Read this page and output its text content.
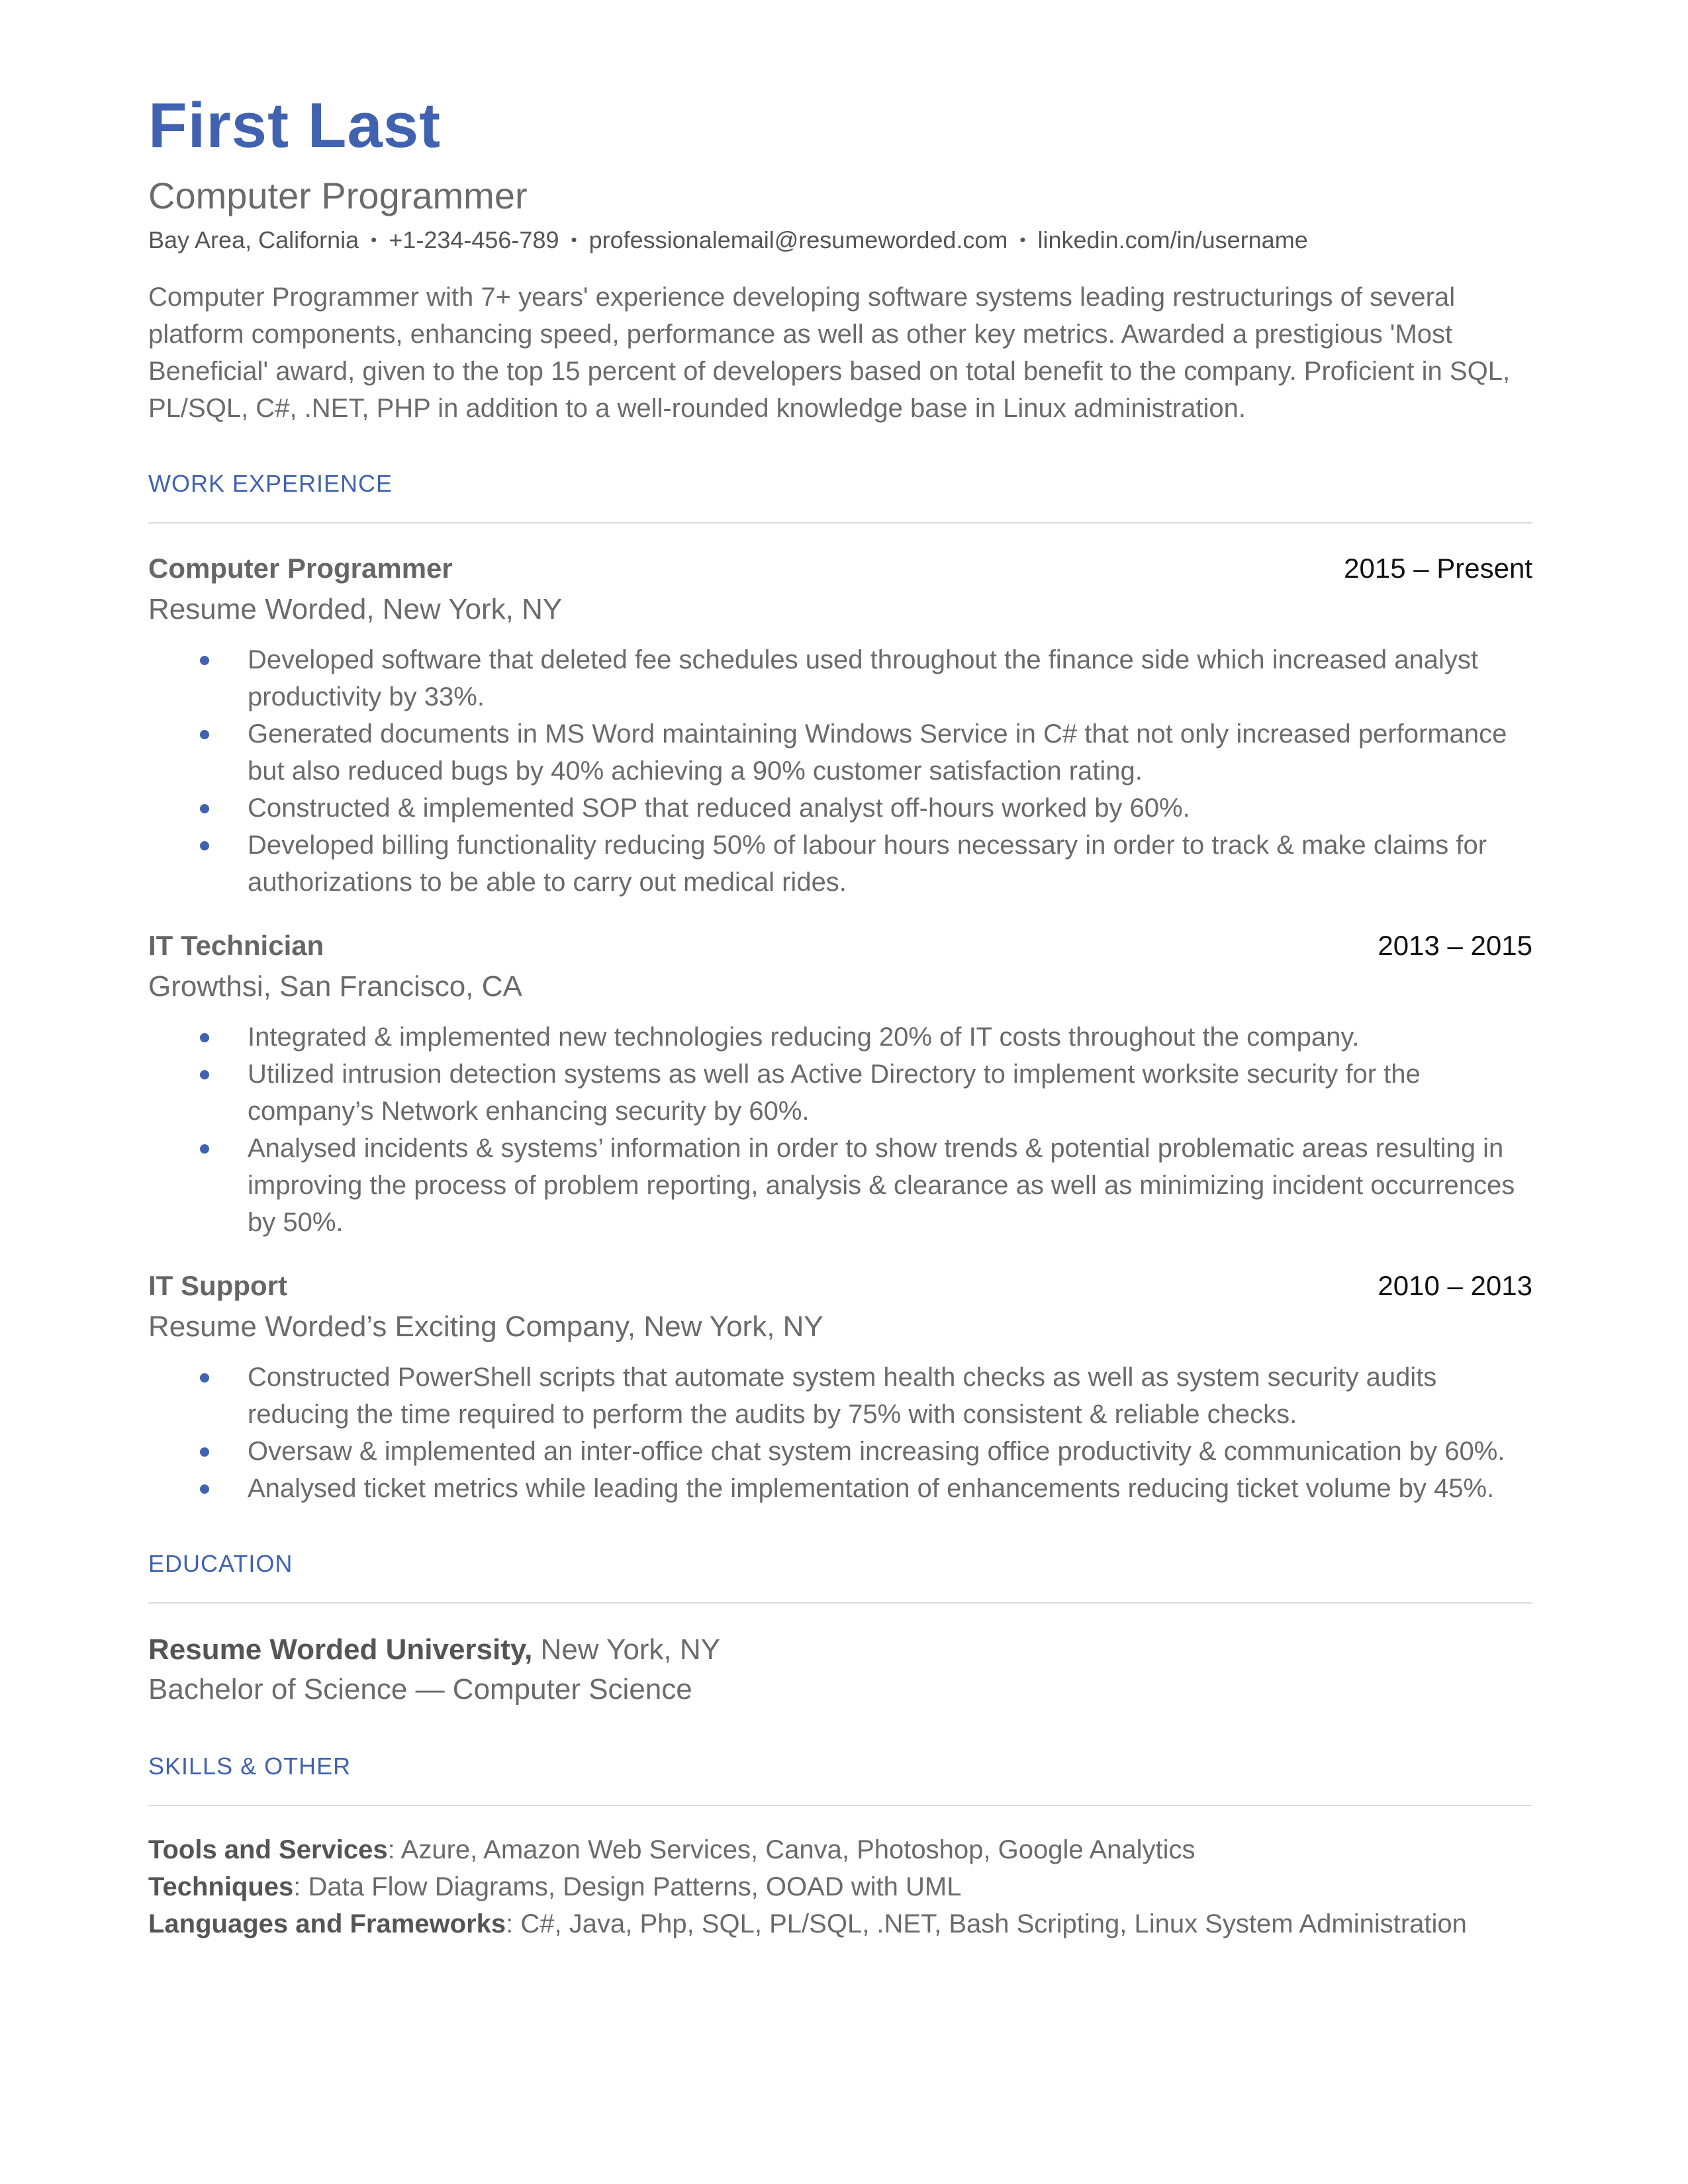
First Last
Computer Programmer
Bay Area, California • +1-234-456-789 • professionalemail@resumeworded.com • linkedin.com/in/username
Computer Programmer with 7+ years' experience developing software systems leading restructurings of several platform components, enhancing speed, performance as well as other key metrics. Awarded a prestigious 'Most Beneficial' award, given to the top 15 percent of developers based on total benefit to the company. Proficient in SQL, PL/SQL, C#, .NET, PHP in addition to a well-rounded knowledge base in Linux administration.
WORK EXPERIENCE
Computer Programmer	2015 – Present
Resume Worded, New York, NY
Developed software that deleted fee schedules used throughout the finance side which increased analyst productivity by 33%.
Generated documents in MS Word maintaining Windows Service in C# that not only increased performance but also reduced bugs by 40% achieving a 90% customer satisfaction rating.
Constructed & implemented SOP that reduced analyst off-hours worked by 60%.
Developed billing functionality reducing 50% of labour hours necessary in order to track & make claims for authorizations to be able to carry out medical rides.
IT Technician	2013 – 2015
Growthsi, San Francisco, CA
Integrated & implemented new technologies reducing 20% of IT costs throughout the company.
Utilized intrusion detection systems as well as Active Directory to implement worksite security for the company’s Network enhancing security by 60%.
Analysed incidents & systems’ information in order to show trends & potential problematic areas resulting in improving the process of problem reporting, analysis & clearance as well as minimizing incident occurrences by 50%.
IT Support	2010 – 2013
Resume Worded’s Exciting Company, New York, NY
Constructed PowerShell scripts that automate system health checks as well as system security audits reducing the time required to perform the audits by 75% with consistent & reliable checks.
Oversaw & implemented an inter-office chat system increasing office productivity & communication by 60%.
Analysed ticket metrics while leading the implementation of enhancements reducing ticket volume by 45%.
EDUCATION
Resume Worded University, New York, NY
Bachelor of Science — Computer Science
SKILLS & OTHER
Tools and Services: Azure, Amazon Web Services, Canva, Photoshop, Google Analytics
Techniques: Data Flow Diagrams, Design Patterns, OOAD with UML
Languages and Frameworks: C#, Java, Php, SQL, PL/SQL, .NET, Bash Scripting, Linux System Administration
